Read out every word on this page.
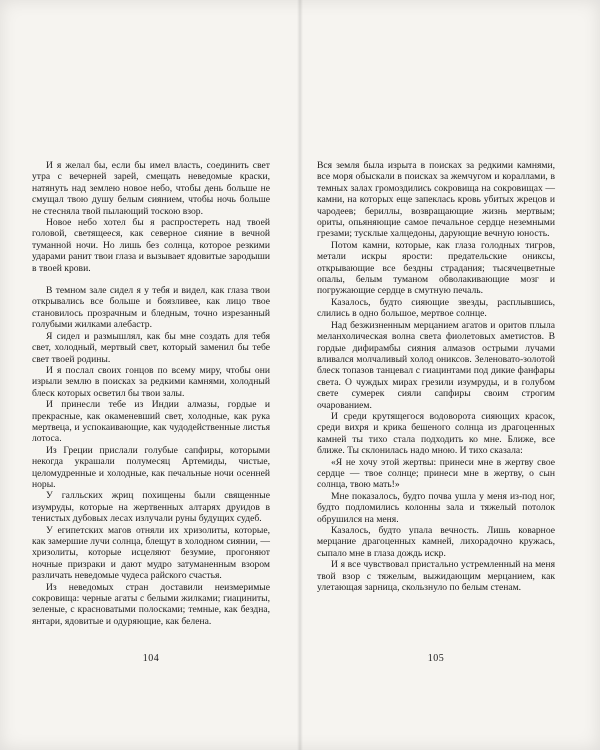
И я желал бы, если бы имел власть, соединить свет утра с вечерней зарей, смещать неведомые краски, натянуть над землею новое небо, чтобы день больше не смущал твою душу белым сиянием, чтобы ночь больше не стесняла твой пылающий тоскою взор.

Новое небо хотел бы я распростереть над твоей головой, светящееся, как северное сияние в вечной туманной ночи. Но лишь без солнца, которое резкими ударами ранит твои глаза и вызывает ядовитые зародыши в твоей крови.

В темном зале сидел я у тебя и видел, как глаза твои открывались все больше и боязливее, как лицо твое становилось прозрачным и бледным, точно изрезанный голубыми жилками алебастр.

Я сидел и размышлял, как бы мне создать для тебя свет, холодный, мертвый свет, который заменил бы тебе свет твоей родины.

И я послал своих гонцов по всему миру, чтобы они изрыли землю в поисках за редкими камнями, холодный блеск которых осветил бы твои залы.

И принесли тебе из Индии алмазы, гордые и прекрасные, как окаменевший свет, холодные, как рука мертвеца, и успокаивающие, как чудодейственные листья лотоса.

Из Греции прислали голубые сапфиры, которыми некогда украшали полумесяц Артемиды, чистые, целомудренные и холодные, как печальные ночи осенней норы.

У галльских жриц похищены были священные изумруды, которые на жертвенных алтарях друидов в тенистых дубовых лесах излучали руны будущих судеб.

У египетских магов отняли их хризолиты, которые, как замершие лучи солнца, блещут в холодном сиянии, — хризолиты, которые исцеляют безумие, прогоняют ночные призраки и дают мудро затуманенным взором различать неведомые чудеса райского счастья.

Из неведомых стран доставили неизмеримые сокровища: черные агаты с белыми жилками; гиациниты, зеленые, с красноватыми полосками; темные, как бездна, янтари, ядовитые и одуряющие, как белена.

104

Вся земля была изрыта в поисках за редкими камнями, все моря обыскали в поисках за жемчугом и кораллами, в темных залах громоздились сокровища на сокровищах — камни, на которых еще запеклась кровь убитых жрецов и чародеев; бериллы, возвращающие жизнь мертвым; ориты, опьяняющие самое печальное сердце неземными грезами; тусклые халцедоны, дарующие вечную юность.

Потом камни, которые, как глаза голодных тигров, метали искры ярости: предательские ониксы, открывающие все бездны страдания; тысячецветные опалы, белым туманом обволакивающие мозг и погружающие сердце в смутную печаль.

Казалось, будто сияющие звезды, расплывшись, слились в одно большое, мертвое солнце.

Над безжизненным мерцанием агатов и оритов плыла меланхолическая волна света фиолетовых аметистов. В гордые дифирамбы сияния алмазов острыми лучами вливался молчаливый холод ониксов. Зеленовато-золотой блеск топазов танцевал с гиацинтами под дикие фанфары света. О чуждых мирах грезили изумруды, и в голубом свете сумерек сияли сапфиры своим строгим очарованием.

И среди крутящегося водоворота сияющих красок, среди вихря и крика бешеного солнца из драгоценных камней ты тихо стала подходить ко мне. Ближе, все ближе. Ты склонилась надо мною. И тихо сказала:

«Я не хочу этой жертвы: принеси мне в жертву свое сердце — твое солнце; принеси мне в жертву, о сын солнца, твою мать!»

Мне показалось, будто почва ушла у меня из-под ног, будто подломились колонны зала и тяжелый потолок обрушился на меня.

Казалось, будто упала вечность. Лишь коварное мерцание драгоценных камней, лихорадочно кружась, сыпало мне в глаза дождь искр.

И я все чувствовал пристально устремленный на меня твой взор с тяжелым, выжидающим мерцанием, как улетающая зарница, скользнуло по белым стенам.

105
